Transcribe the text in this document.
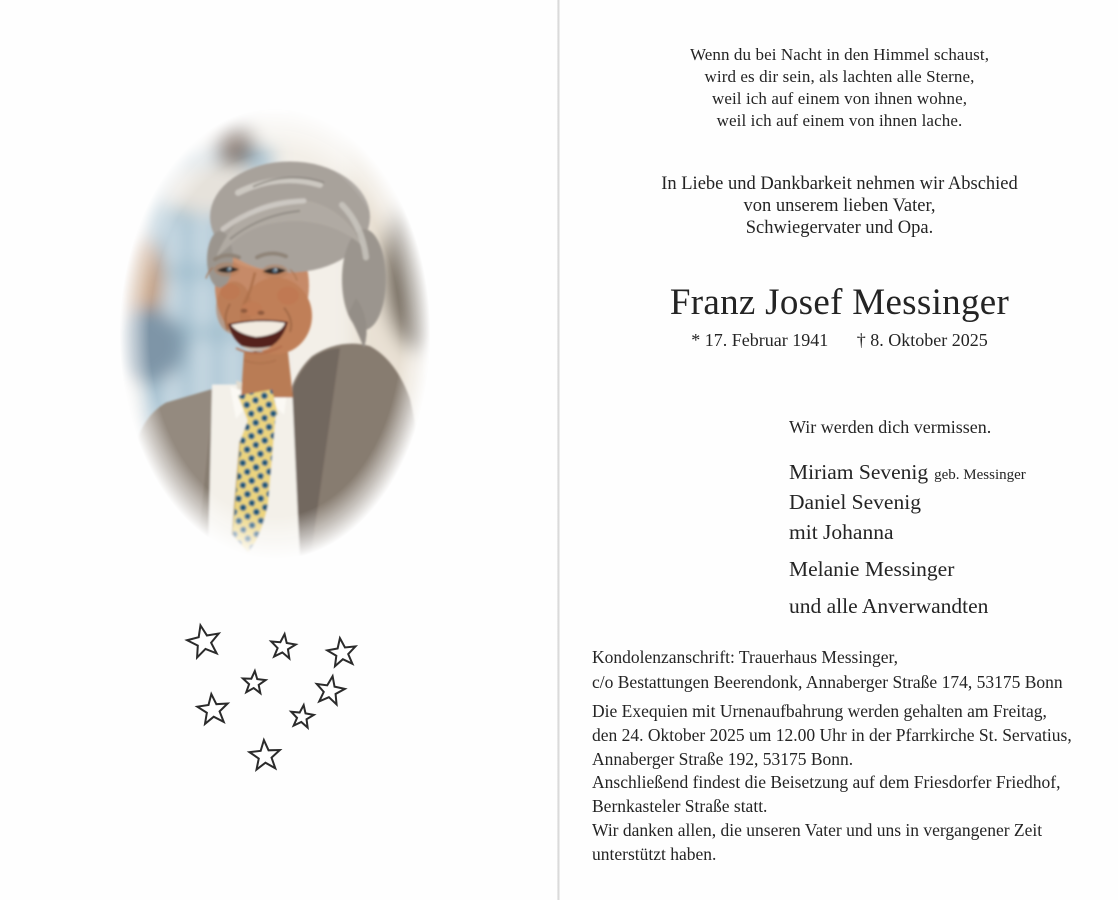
Wenn du bei Nacht in den Himmel schaust,
wird es dir sein, als lachten alle Sterne,
weil ich auf einem von ihnen wohne,
weil ich auf einem von ihnen lache.
In Liebe und Dankbarkeit nehmen wir Abschied
von unserem lieben Vater,
Schwiegervater und Opa.
Franz Josef Messinger
* 17. Februar 1941 † 8. Oktober 2025
Wir werden dich vermissen.
Miriam Sevenig geb. Messinger
Daniel Sevenig
mit Johanna
Melanie Messinger
und alle Anverwandten
Kondolenzanschrift: Trauerhaus Messinger,
c/o Bestattungen Beerendonk, Annaberger Straße 174, 53175 Bonn
Die Exequien mit Urnenaufbahrung werden gehalten am Freitag,
den 24. Oktober 2025 um 12.00 Uhr in der Pfarrkirche St. Servatius,
Annaberger Straße 192, 53175 Bonn.
Anschließend findest die Beisetzung auf dem Friesdorfer Friedhof,
Bernkasteler Straße statt.
Wir danken allen, die unseren Vater und uns in vergangener Zeit
unterstützt haben.
